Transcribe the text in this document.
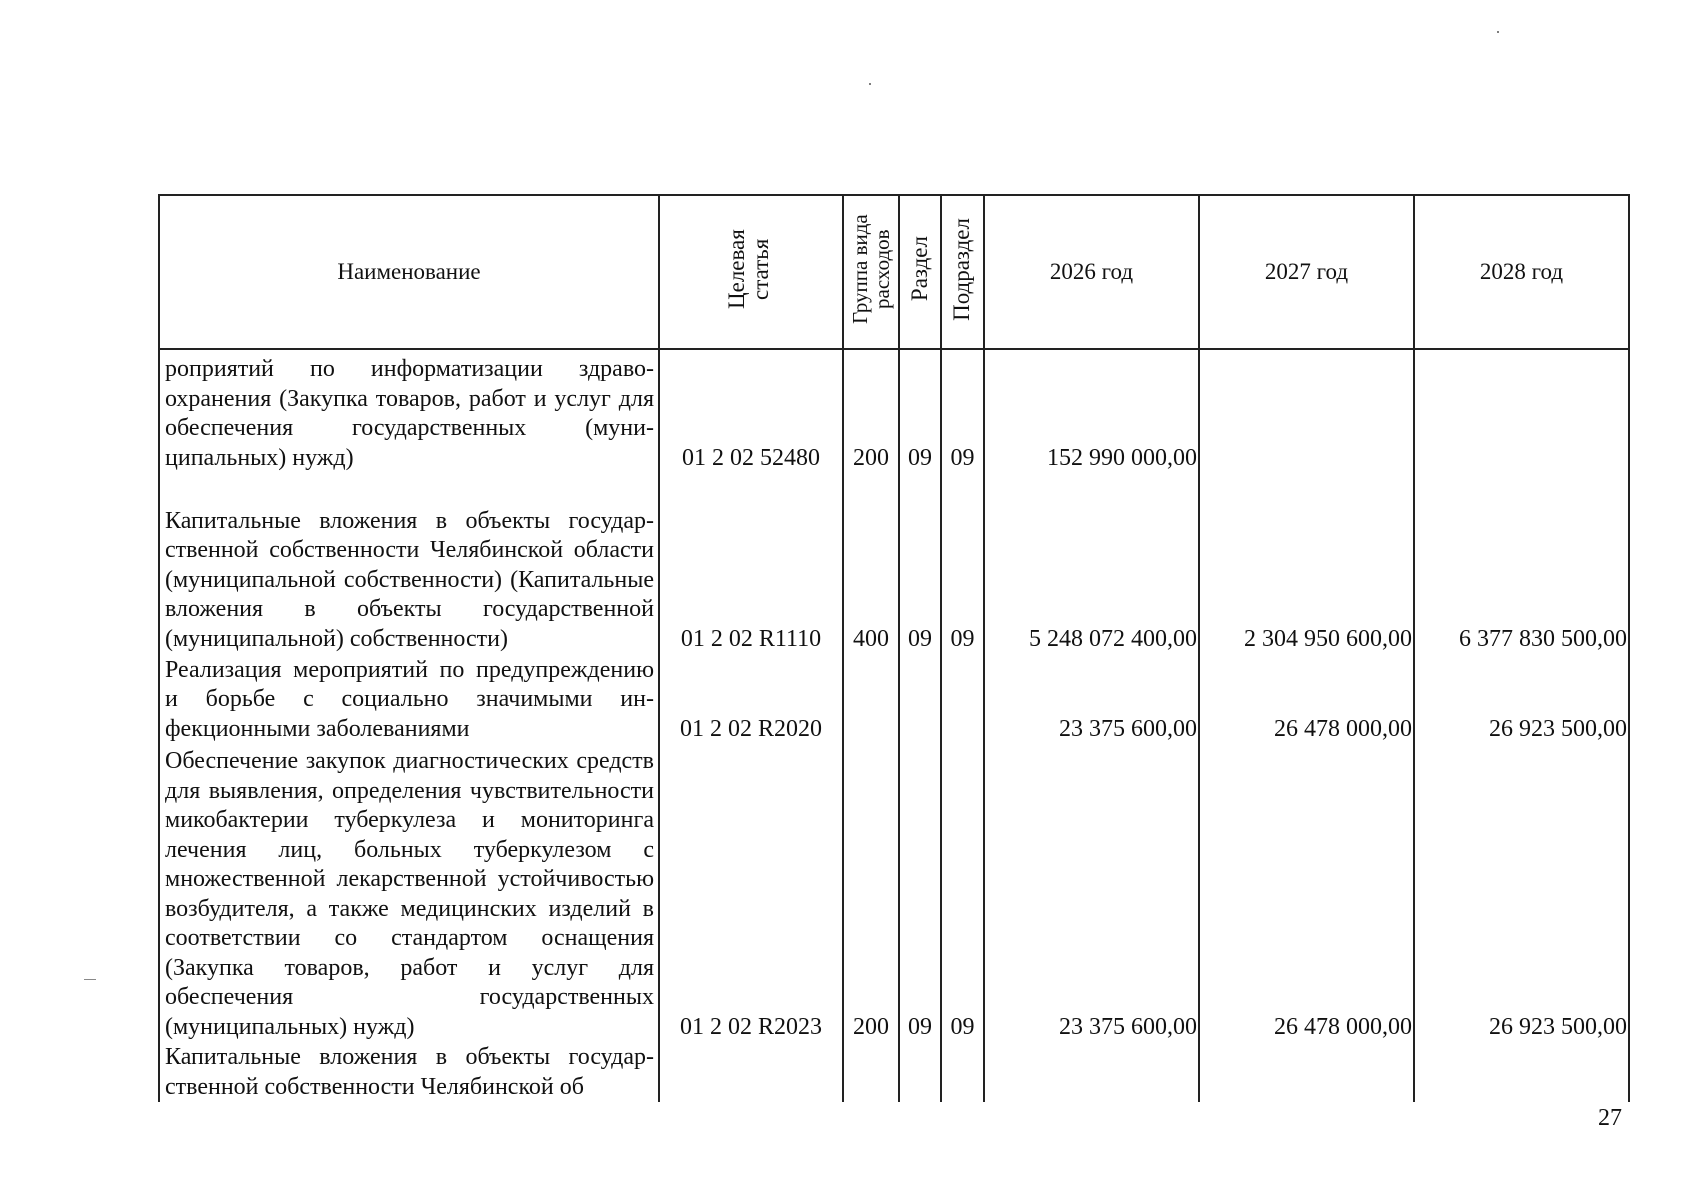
Наименование	Целевая статья	Группа вида расходов	Раздел	Подраздел	2026 год	2027 год	2028 год
роприятий по информатизации здравоохранения (Закупка товаров, работ и услуг для обеспечения государственных (муниципальных) нужд)	01 2 02 52480	200	09	09	152 990 000,00		
Капитальные вложения в объекты государственной собственности Челябинской области (муниципальной собственности) (Капитальные вложения в объекты государственной (муниципальной) собственности)	01 2 02 R1110	400	09	09	5 248 072 400,00	2 304 950 600,00	6 377 830 500,00
Реализация мероприятий по предупреждению и борьбе с социально значимыми инфекционными заболеваниями	01 2 02 R2020				23 375 600,00	26 478 000,00	26 923 500,00
Обеспечение закупок диагностических средств для выявления, определения чувствительности микобактерии туберкулеза и мониторинга лечения лиц, больных туберкулезом с множественной лекарственной устойчивостью возбудителя, а также медицинских изделий в соответствии со стандартом оснащения (Закупка товаров, работ и услуг для обеспечения государственных (муниципальных) нужд)	01 2 02 R2023	200	09	09	23 375 600,00	26 478 000,00	26 923 500,00
Капитальные вложения в объекты государственной собственности Челябинской об							
27
